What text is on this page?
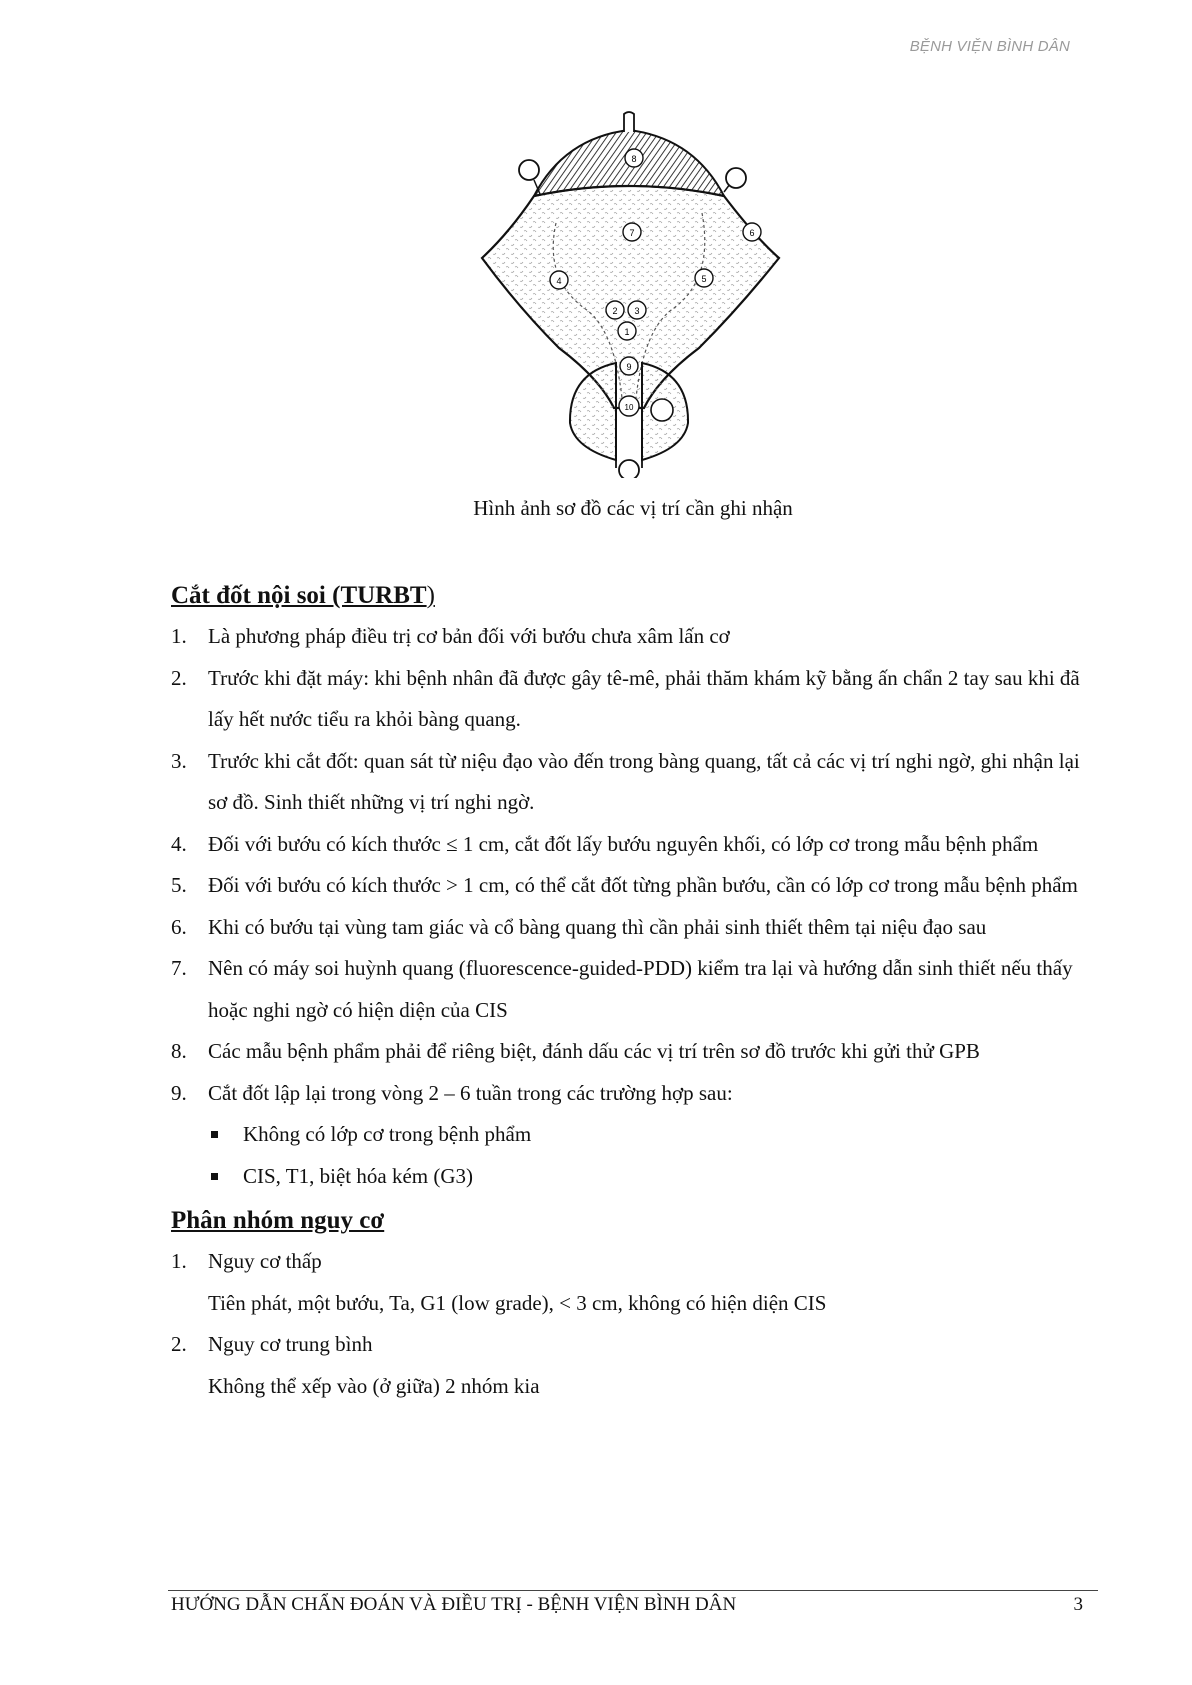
BỆNH VIỆN BÌNH DÂN
8
7	6
4	5
2 3
1
9
10
Hình ảnh sơ đồ các vị trí cần ghi nhận
Cắt đốt nội soi (TURBT)
1. Là phương pháp điều trị cơ bản đối với bướu chưa xâm lấn cơ
2. Trước khi đặt máy: khi bệnh nhân đã được gây tê-mê, phải thăm khám kỹ bằng ấn chẩn 2 tay sau khi đã lấy hết nước tiểu ra khỏi bàng quang.
3. Trước khi cắt đốt: quan sát từ niệu đạo vào đến trong bàng quang, tất cả các vị trí nghi ngờ, ghi nhận lại sơ đồ. Sinh thiết những vị trí nghi ngờ.
4. Đối với bướu có kích thước ≤ 1 cm, cắt đốt lấy bướu nguyên khối, có lớp cơ trong mẫu bệnh phẩm
5. Đối với bướu có kích thước > 1 cm, có thể cắt đốt từng phần bướu, cần có lớp cơ trong mẫu bệnh phẩm
6. Khi có bướu tại vùng tam giác và cổ bàng quang thì cần phải sinh thiết thêm tại niệu đạo sau
7. Nên có máy soi huỳnh quang (fluorescence-guided-PDD) kiểm tra lại và hướng dẫn sinh thiết nếu thấy hoặc nghi ngờ có hiện diện của CIS
8. Các mẫu bệnh phẩm phải để riêng biệt, đánh dấu các vị trí trên sơ đồ trước khi gửi thử GPB
9. Cắt đốt lập lại trong vòng 2 – 6 tuần trong các trường hợp sau:
Không có lớp cơ trong bệnh phẩm
CIS, T1, biệt hóa kém (G3)
Phân nhóm nguy cơ
1. Nguy cơ thấp
Tiên phát, một bướu, Ta, G1 (low grade), < 3 cm, không có hiện diện CIS
2. Nguy cơ trung bình
Không thể xếp vào (ở giữa) 2 nhóm kia
HƯỚNG DẪN CHẨN ĐOÁN VÀ ĐIỀU TRỊ - BỆNH VIỆN BÌNH DÂN	3
